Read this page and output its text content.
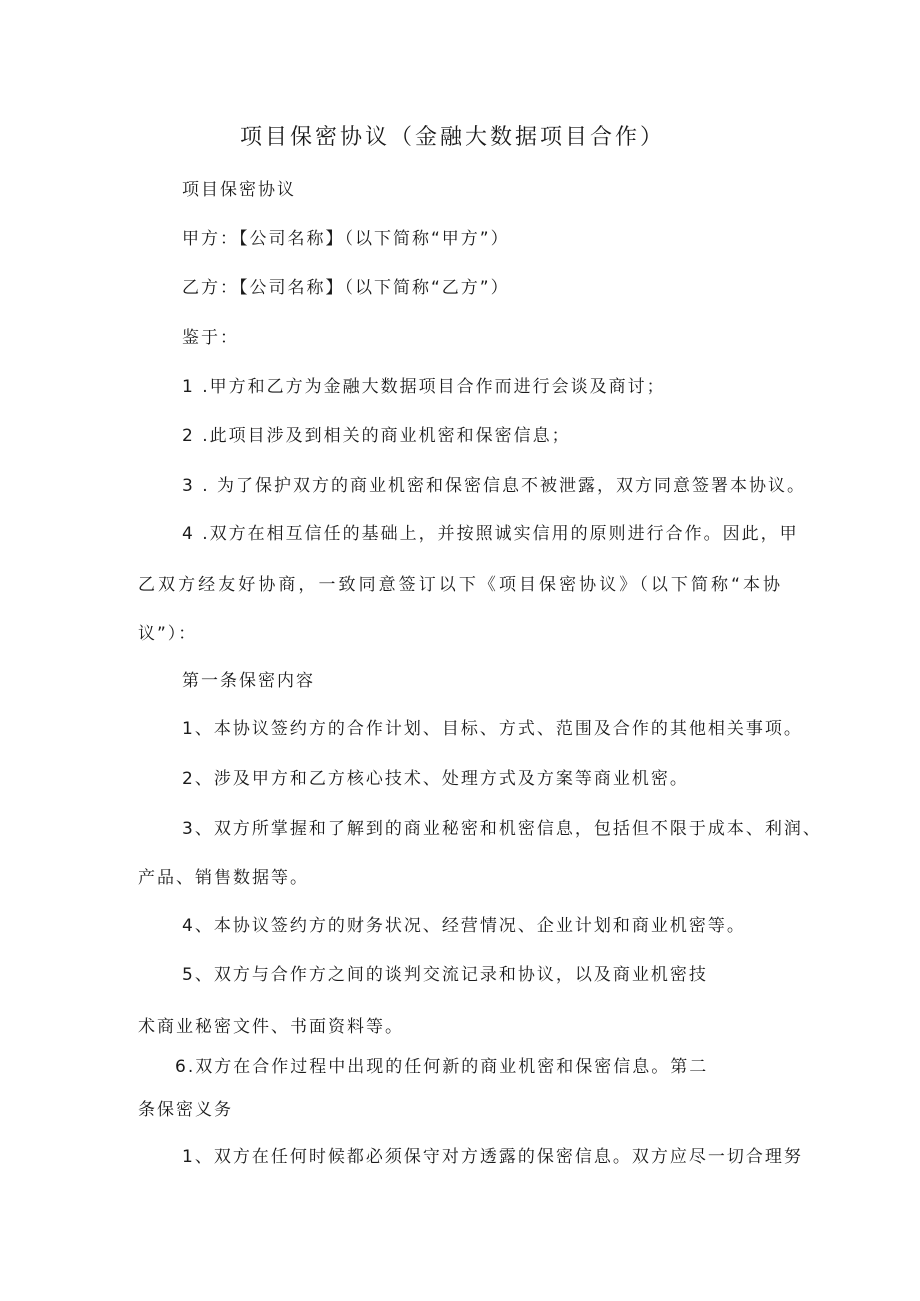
项目保密协议（金融大数据项目合作）
项目保密协议
甲方：【公司名称】（以下简称“甲方”）
乙方：【公司名称】（以下简称“乙方”）
鉴于：
1 .甲方和乙方为金融大数据项目合作而进行会谈及商讨；
2 .此项目涉及到相关的商业机密和保密信息；
3 . 为了保护双方的商业机密和保密信息不被泄露，双方同意签署本协议。
4 .双方在相互信任的基础上，并按照诚实信用的原则进行合作。因此，甲
乙双方经友好协商，一致同意签订以下《项目保密协议》（以下简称“本协
议”）：
第一条保密内容
1、本协议签约方的合作计划、目标、方式、范围及合作的其他相关事项。
2、涉及甲方和乙方核心技术、处理方式及方案等商业机密。
3、双方所掌握和了解到的商业秘密和机密信息，包括但不限于成本、利润、
产品、销售数据等。
4、本协议签约方的财务状况、经营情况、企业计划和商业机密等。
5、双方与合作方之间的谈判交流记录和协议，以及商业机密技
术商业秘密文件、书面资料等。
6.双方在合作过程中出现的任何新的商业机密和保密信息。第二
条保密义务
1、双方在任何时候都必须保守对方透露的保密信息。双方应尽一切合理努
